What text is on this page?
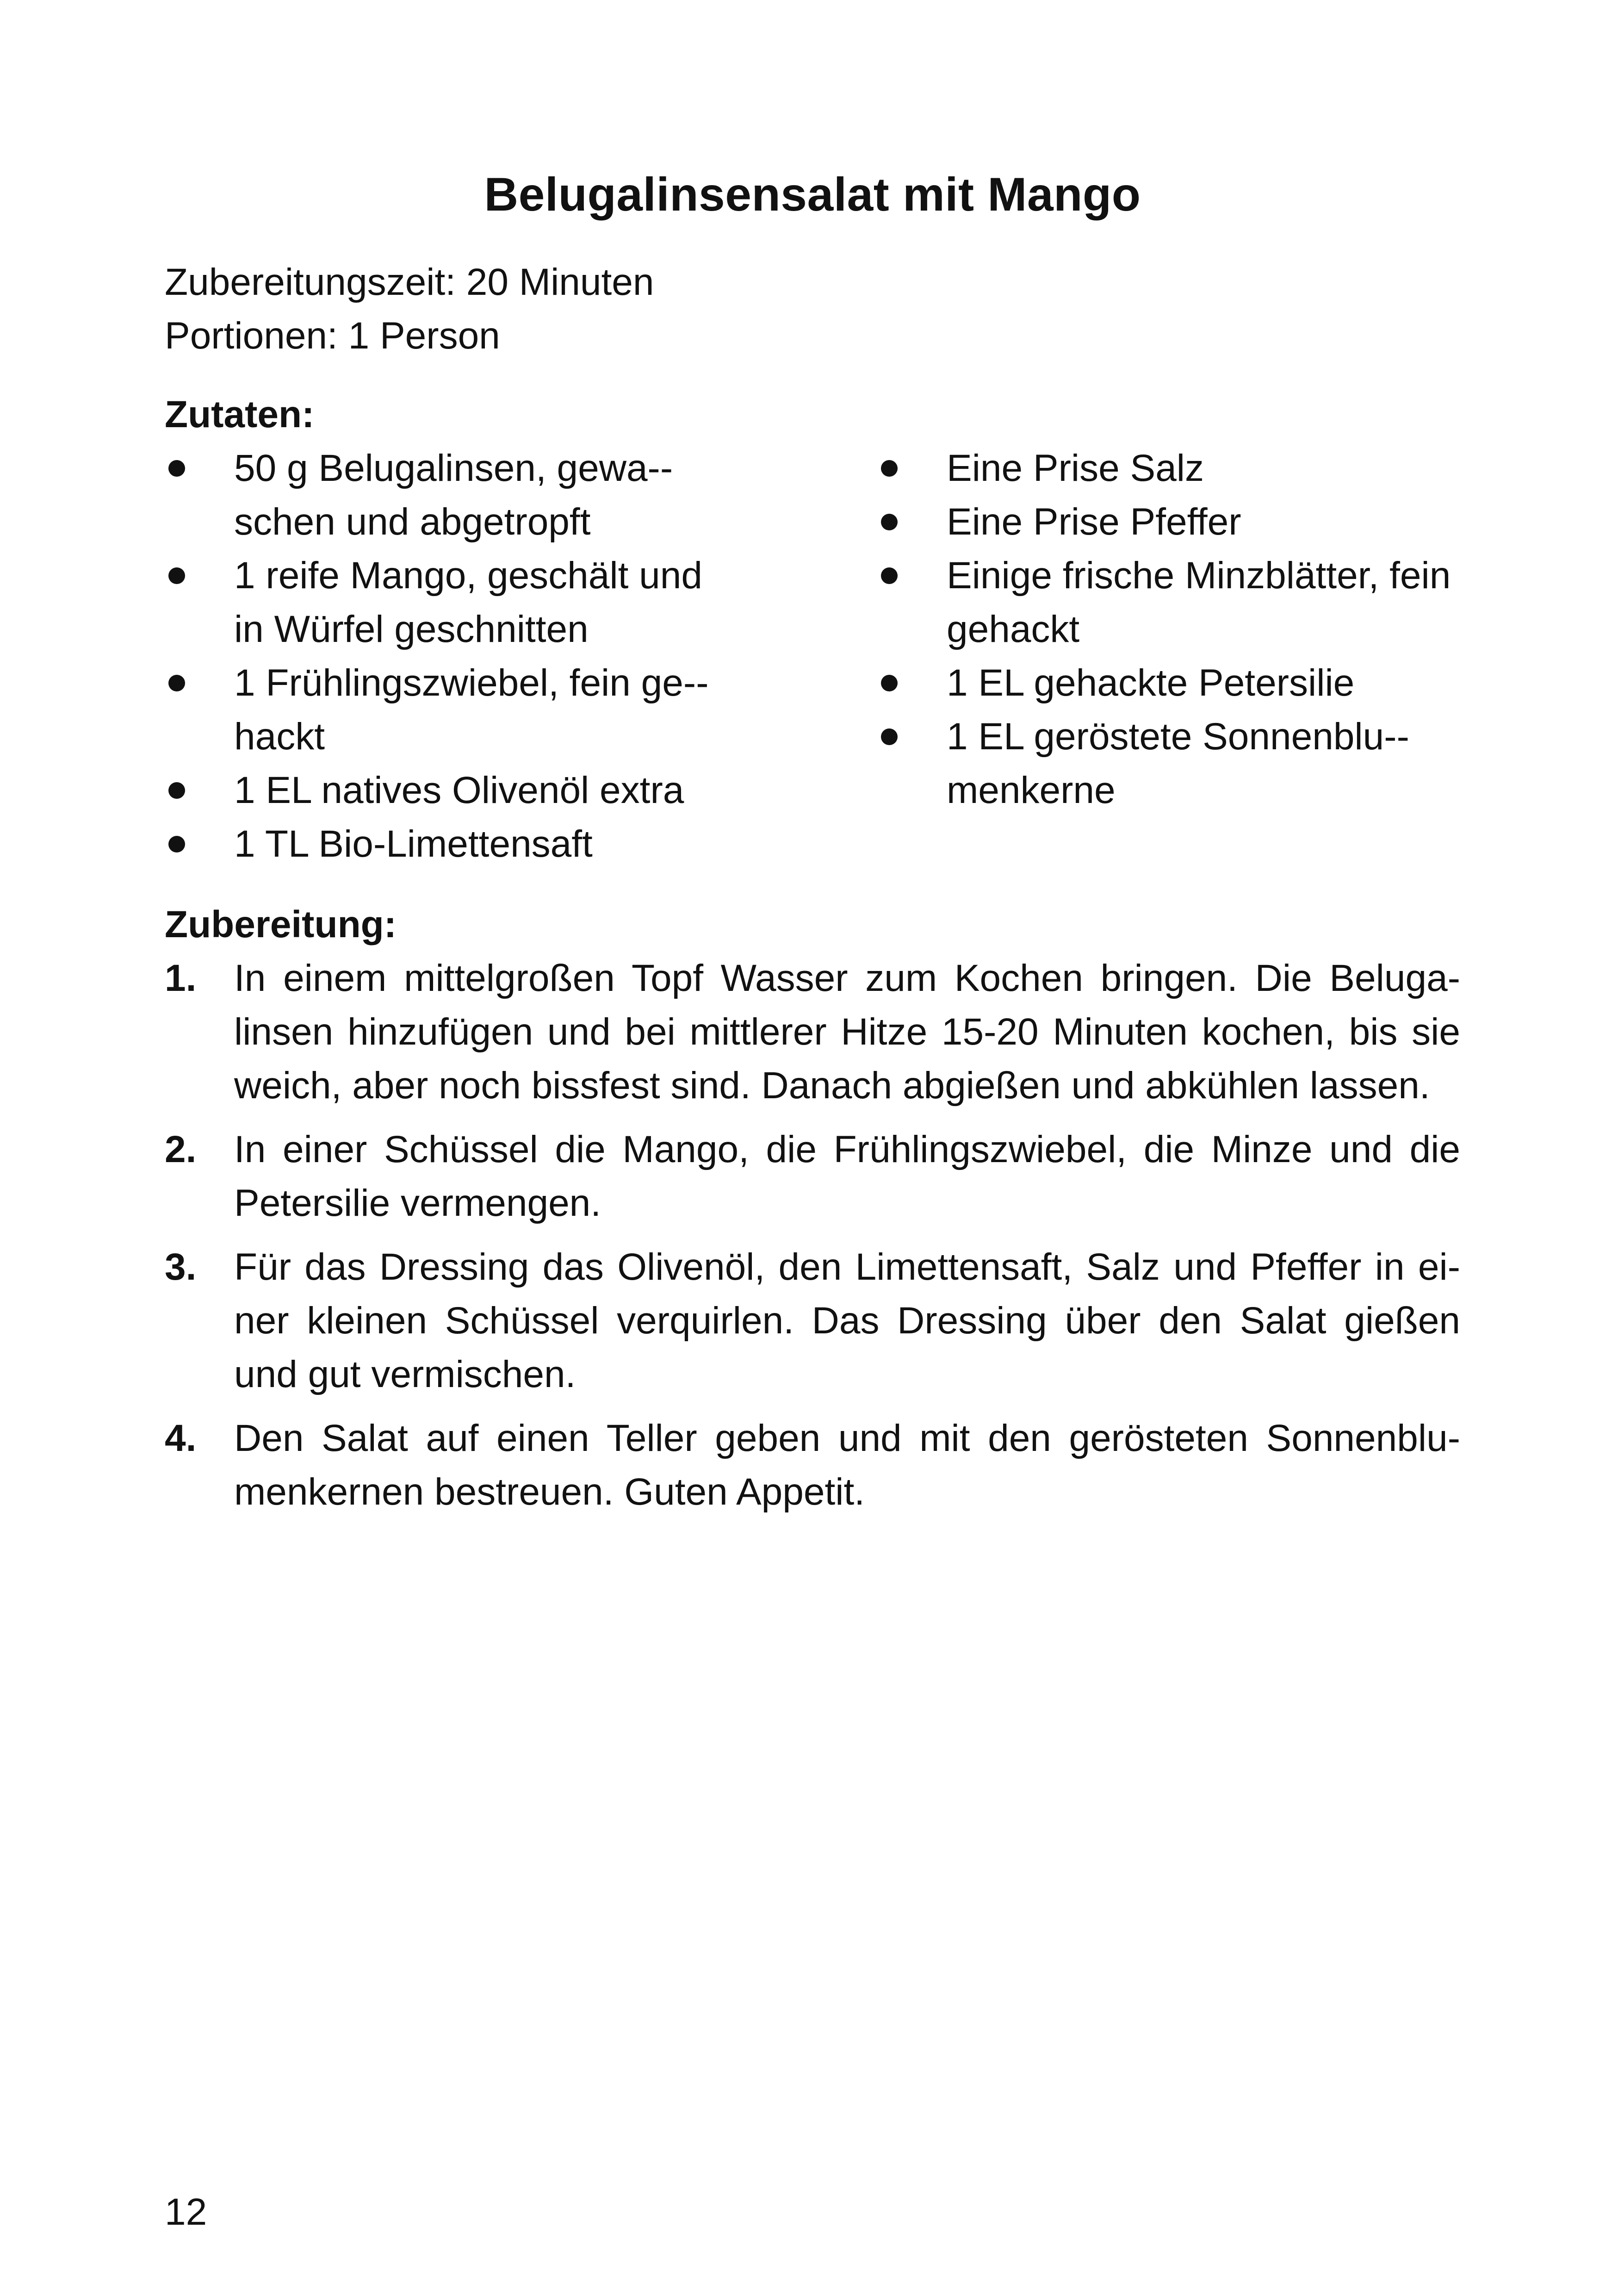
Belugalinsensalat mit Mango
Zubereitungszeit: 20 Minuten
Portionen: 1 Person
Zutaten:
50 g Belugalinsen, gewa-schen und abgetropft
1 reife Mango, geschält und in Würfel geschnitten
1 Frühlingszwiebel, fein ge-hackt
1 EL natives Olivenöl extra
1 TL Bio-Limettensaft
Eine Prise Salz
Eine Prise Pfeffer
Einige frische Minzblätter, fein gehackt
1 EL gehackte Petersilie
1 EL geröstete Sonnenblu-menkerne
Zubereitung:
1. In einem mittelgroßen Topf Wasser zum Kochen bringen. Die Belugalinsen hinzufügen und bei mittlerer Hitze 15-20 Minuten kochen, bis sie weich, aber noch bissfest sind. Danach abgießen und abkühlen lassen.
2. In einer Schüssel die Mango, die Frühlingszwiebel, die Minze und die Petersilie vermengen.
3. Für das Dressing das Olivenöl, den Limettensaft, Salz und Pfeffer in einer kleinen Schüssel verquirlen. Das Dressing über den Salat gießen und gut vermischen.
4. Den Salat auf einen Teller geben und mit den gerösteten Sonnenblumenkernen bestreuen. Guten Appetit.
12
